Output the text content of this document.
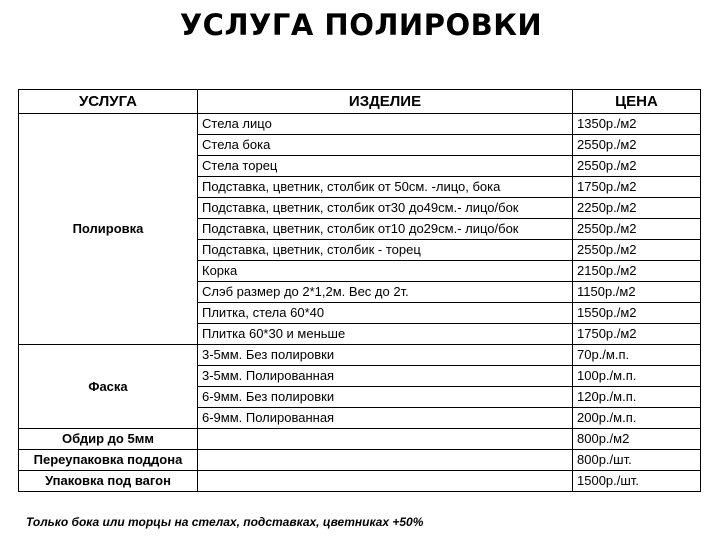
УСЛУГА ПОЛИРОВКИ
УСЛУГА	ИЗДЕЛИЕ	ЦЕНА
Полировка	Стела лицо	1350р./м2
	Стела бока	2550р./м2
	Стела торец	2550р./м2
	Подставка, цветник, столбик от 50см. -лицо, бока	1750р./м2
	Подставка, цветник, столбик от30 до49см.- лицо/бок	2250р./м2
	Подставка, цветник, столбик от10 до29см.- лицо/бок	2550р./м2
	Подставка, цветник, столбик - торец	2550р./м2
	Корка	2150р./м2
	Слэб размер до 2*1,2м. Вес до 2т.	1150р./м2
	Плитка, стела 60*40	1550р./м2
	Плитка 60*30 и меньше	1750р./м2
Фаска	3-5мм. Без полировки	70р./м.п.
	3-5мм. Полированная	100р./м.п.
	6-9мм. Без полировки	120р./м.п.
	6-9мм. Полированная	200р./м.п.
Обдир до 5мм		800р./м2
Переупаковка поддона		800р./шт.
Упаковка под вагон		1500р./шт.
Только бока или торцы на стелах, подставках, цветниках +50%
